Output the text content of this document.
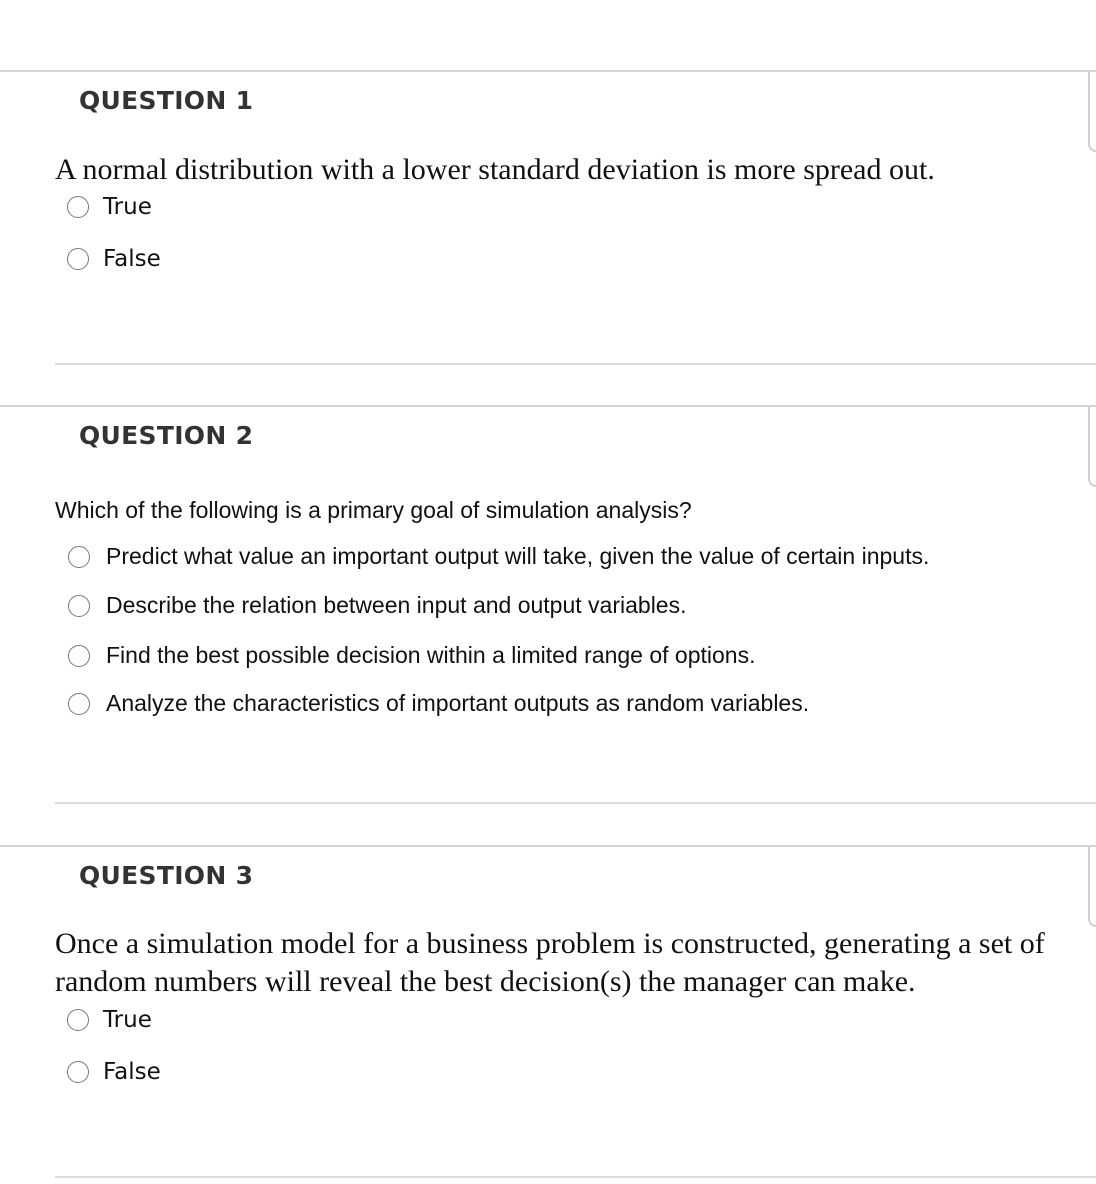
QUESTION 1
A normal distribution with a lower standard deviation is more spread out.
True
False
QUESTION 2
Which of the following is a primary goal of simulation analysis?
Predict what value an important output will take, given the value of certain inputs.
Describe the relation between input and output variables.
Find the best possible decision within a limited range of options.
Analyze the characteristics of important outputs as random variables.
QUESTION 3
Once a simulation model for a business problem is constructed, generating a set of random numbers will reveal the best decision(s) the manager can make.
True
False
